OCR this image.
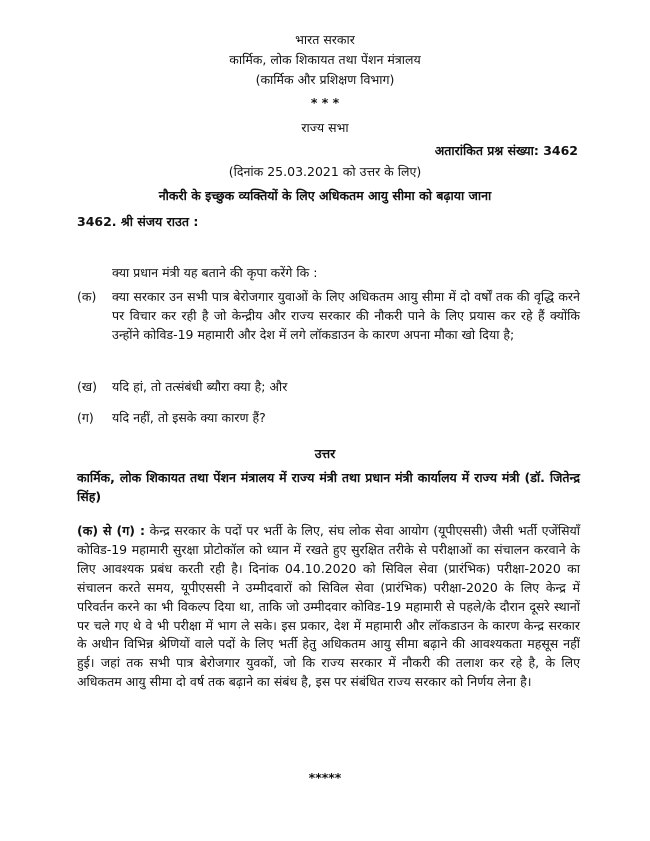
भारत सरकार
कार्मिक, लोक शिकायत तथा पेंशन मंत्रालय
(कार्मिक और प्रशिक्षण विभाग)
* * *
राज्य सभा
अतारांकित प्रश्न संख्या: 3462
(दिनांक 25.03.2021 को उत्तर के लिए)
नौकरी के इच्छुक व्यक्तियों के लिए अधिकतम आयु सीमा को बढ़ाया जाना
3462. श्री संजय राउत :
क्या प्रधान मंत्री यह बताने की कृपा करेंगे कि :
(क)	क्या सरकार उन सभी पात्र बेरोजगार युवाओं के लिए अधिकतम आयु सीमा में दो वर्षों तक की वृद्धि करने पर विचार कर रही है जो केन्द्रीय और राज्य सरकार की नौकरी पाने के लिए प्रयास कर रहे हैं क्योंकि उन्होंने कोविड-19 महामारी और देश में लगे लॉकडाउन के कारण अपना मौका खो दिया है;
(ख)	यदि हां, तो तत्संबंधी ब्यौरा क्या है; और
(ग)	यदि नहीं, तो इसके क्या कारण हैं?
उत्तर
कार्मिक, लोक शिकायत तथा पेंशन मंत्रालय में राज्य मंत्री तथा प्रधान मंत्री कार्यालय में राज्य मंत्री (डॉ. जितेन्द्र सिंह)
(क) से (ग) : केन्द्र सरकार के पदों पर भर्ती के लिए, संघ लोक सेवा आयोग (यूपीएससी) जैसी भर्ती एजेंसियाँ कोविड-19 महामारी सुरक्षा प्रोटोकॉल को ध्यान में रखते हुए सुरक्षित तरीके से परीक्षाओं का संचालन करवाने के लिए आवश्यक प्रबंध करती रही है। दिनांक 04.10.2020 को सिविल सेवा (प्रारंभिक) परीक्षा-2020 का संचालन करते समय, यूपीएससी ने उम्मीदवारों को सिविल सेवा (प्रारंभिक) परीक्षा-2020 के लिए केन्द्र में परिवर्तन करने का भी विकल्प दिया था, ताकि जो उम्मीदवार कोविड-19 महामारी से पहले/के दौरान दूसरे स्थानों पर चले गए थे वे भी परीक्षा में भाग ले सके। इस प्रकार, देश में महामारी और लॉकडाउन के कारण केन्द्र सरकार के अधीन विभिन्न श्रेणियों वाले पदों के लिए भर्ती हेतु अधिकतम आयु सीमा बढ़ाने की आवश्यकता महसूस नहीं हुई। जहां तक सभी पात्र बेरोजगार युवकों, जो कि राज्य सरकार में नौकरी की तलाश कर रहे है, के लिए अधिकतम आयु सीमा दो वर्ष तक बढ़ाने का संबंध है, इस पर संबंधित राज्य सरकार को निर्णय लेना है।
*****
